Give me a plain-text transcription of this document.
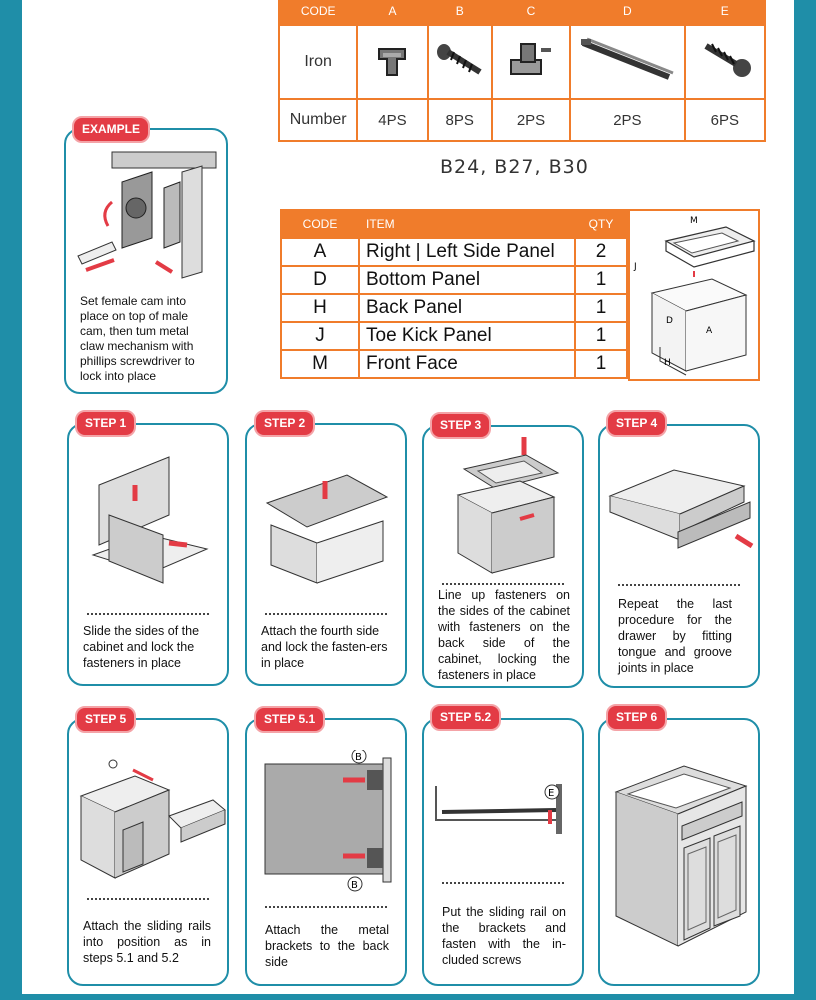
CODE	A	B	C	D	E
Iron					
Number	4PS	8PS	2PS	2PS	6PS
B24, B27, B30
CODE	ITEM	QTY
A	Right | Left Side Panel	2
D	Bottom Panel	1
H	Back Panel	1
J	Toe Kick Panel	1
M	Front Face	1
M
J
D
A
H
Set female cam into place on top of male cam, then tum metal claw mechanism with phillips screwdriver to lock into place
EXAMPLE
Slide the sides of the cabinet and lock the fasteners in place
STEP 1
Attach the fourth side and lock the fasten-ers in place
STEP 2
Line up fasteners on the sides of the cabinet with fasteners on the back side of the cabinet, locking the fasteners in place
STEP 3
Repeat the last procedure for the drawer by fitting tongue and groove joints in place
STEP 4
Attach the sliding rails into position as in steps 5.1 and 5.2
STEP 5
B
B
Attach the metal brackets to the back side
STEP 5.1
E
Put the sliding rail on the brackets and fasten with the in-cluded screws
STEP 5.2	STEP 6
